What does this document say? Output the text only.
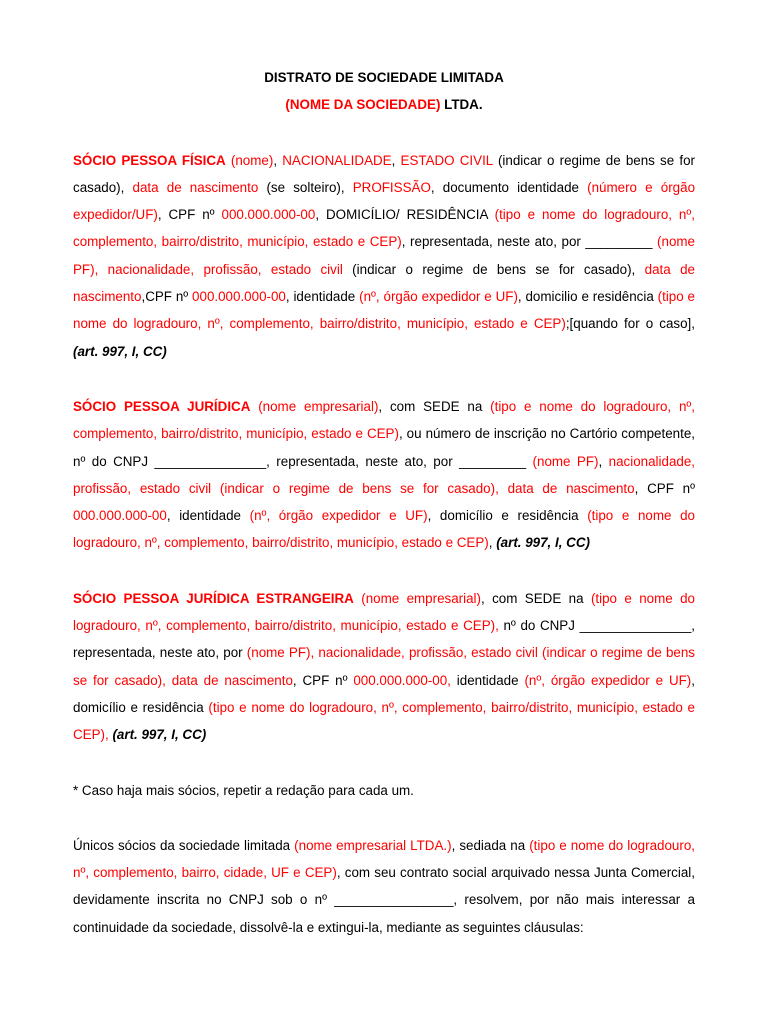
DISTRATO DE SOCIEDADE LIMITADA
(NOME DA SOCIEDADE) LTDA.

SÓCIO PESSOA FÍSICA (nome), NACIONALIDADE, ESTADO CIVIL (indicar o regime de bens se for casado), data de nascimento (se solteiro), PROFISSÃO, documento identidade (número e órgão expedidor/UF), CPF nº 000.000.000-00, DOMICÍLIO/ RESIDÊNCIA (tipo e nome do logradouro, nº, complemento, bairro/distrito, município, estado e CEP), representada, neste ato, por _________ (nome PF), nacionalidade, profissão, estado civil (indicar o regime de bens se for casado), data de nascimento,CPF nº 000.000.000-00, identidade (nº, órgão expedidor e UF), domicilio e residência (tipo e nome do logradouro, nº, complemento, bairro/distrito, município, estado e CEP);[quando for o caso], (art. 997, I, CC)

SÓCIO PESSOA JURÍDICA (nome empresarial), com SEDE na (tipo e nome do logradouro, nº, complemento, bairro/distrito, município, estado e CEP), ou número de inscrição no Cartório competente, nº do CNPJ _______________, representada, neste ato, por _________ (nome PF), nacionalidade, profissão, estado civil (indicar o regime de bens se for casado), data de nascimento, CPF nº 000.000.000-00, identidade (nº, órgão expedidor e UF), domicílio e residência (tipo e nome do logradouro, nº, complemento, bairro/distrito, município, estado e CEP), (art. 997, I, CC)

SÓCIO PESSOA JURÍDICA ESTRANGEIRA (nome empresarial), com SEDE na (tipo e nome do logradouro, nº, complemento, bairro/distrito, município, estado e CEP), nº do CNPJ _______________, representada, neste ato, por (nome PF), nacionalidade, profissão, estado civil (indicar o regime de bens se for casado), data de nascimento, CPF nº 000.000.000-00, identidade (nº, órgão expedidor e UF), domicílio e residência (tipo e nome do logradouro, nº, complemento, bairro/distrito, município, estado e CEP), (art. 997, I, CC)

* Caso haja mais sócios, repetir a redação para cada um.

Únicos sócios da sociedade limitada (nome empresarial LTDA.), sediada na (tipo e nome do logradouro, nº, complemento, bairro, cidade, UF e CEP), com seu contrato social arquivado nessa Junta Comercial, devidamente inscrita no CNPJ sob o nº ________________, resolvem, por não mais interessar a continuidade da sociedade, dissolvê-la e extingui-la, mediante as seguintes cláusulas:
